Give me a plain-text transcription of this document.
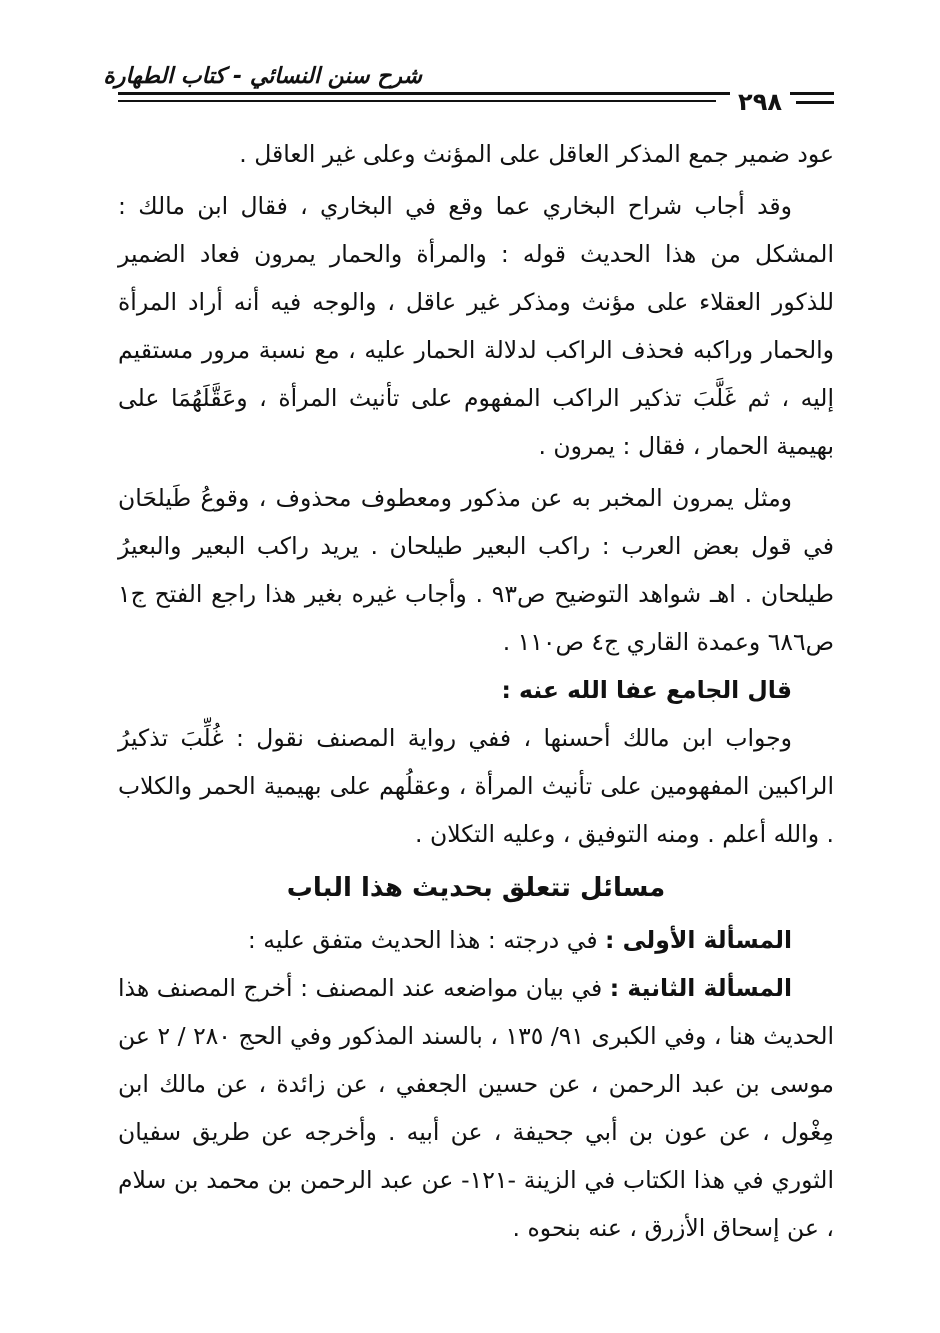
شرح سنن النسائي - كتاب الطهارة
٢٩٨

عود ضمير جمع المذكر العاقل على المؤنث وعلى غير العاقل .

وقد أجاب شراح البخاري عما وقع في البخاري ، فقال ابن مالك : المشكل من هذا الحديث قوله : والمرأة والحمار يمرون فعاد الضمير للذكور العقلاء على مؤنث ومذكر غير عاقل ، والوجه فيه أنه أراد المرأة والحمار وراكبه فحذف الراكب لدلالة الحمار عليه ، مع نسبة مرور مستقيم إليه ، ثم غَلَّبَ تذكير الراكب المفهوم على تأنيث المرأة ، وعَقَّلَهُمَا على بهيمية الحمار ، فقال : يمرون .

ومثل يمرون المخبر به عن مذكور ومعطوف محذوف ، وقوعُ طَيلحَان في قول بعض العرب : راكب البعير طيلحان . يريد راكب البعير والبعيرُ طيلحان . اهـ شواهد التوضيح ص٩٣ . وأجاب غيره بغير هذا راجع الفتح ج١ ص٦٨٦ وعمدة القاري ج٤ ص١١٠ .

قال الجامع عفا الله عنه :

وجواب ابن مالك أحسنها ، ففي رواية المصنف نقول : غُلِّبَ تذكيرُ الراكبين المفهومين على تأنيث المرأة ، وعقلُهم على بهيمية الحمر والكلاب . والله أعلم . ومنه التوفيق ، وعليه التكلان .

مسائل تتعلق بحديث هذا الباب

المسألة الأولى : في درجته : هذا الحديث متفق عليه :

المسألة الثانية : في بيان مواضعه عند المصنف : أخرج المصنف هذا الحديث هنا ، وفي الكبرى ٩١/ ١٣٥ ، بالسند المذكور وفي الحج ٢٨٠ / ٢ عن موسى بن عبد الرحمن ، عن حسين الجعفي ، عن زائدة ، عن مالك ابن مِغْول ، عن عون بن أبي جحيفة ، عن أبيه . وأخرجه عن طريق سفيان الثوري في هذا الكتاب في الزينة -١٢١- عن عبد الرحمن بن محمد بن سلام ، عن إسحاق الأزرق ، عنه بنحوه .
